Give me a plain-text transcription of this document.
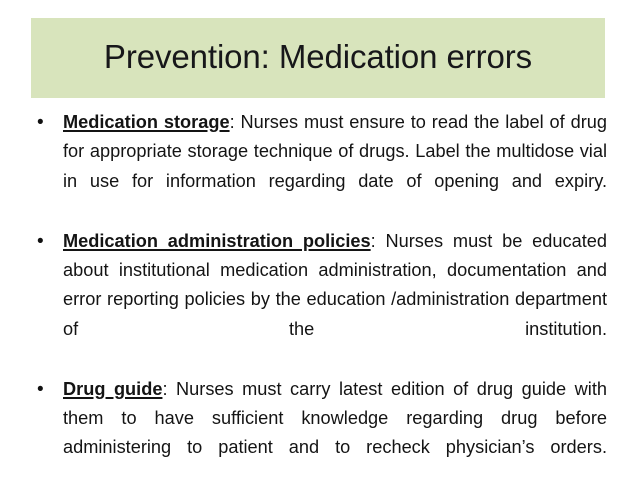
Prevention: Medication errors
•	Medication storage: Nurses must ensure to read the label of drug for appropriate storage technique of drugs. Label the multidose vial in use for information regarding date of opening and expiry.
•	Medication administration policies: Nurses must be educated about institutional medication administration, documentation and error reporting policies by the education /administration department of the institution.
•	Drug guide: Nurses must carry latest edition of drug guide with them to have sufficient knowledge regarding drug before administering to patient and to recheck physician’s orders.
